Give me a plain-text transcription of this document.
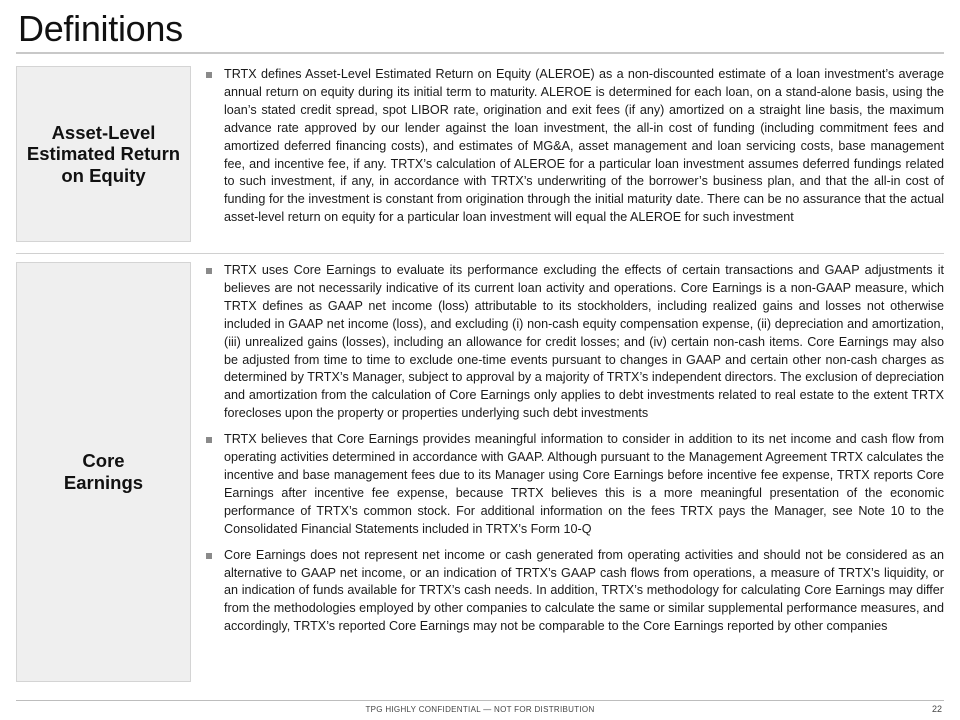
Definitions
Asset-Level
Estimated Return
on Equity
TRTX defines Asset-Level Estimated Return on Equity (ALEROE) as a non-discounted estimate of a loan investment’s average annual return on equity during its initial term to maturity. ALEROE is determined for each loan, on a stand-alone basis, using the loan’s stated credit spread, spot LIBOR rate, origination and exit fees (if any) amortized on a straight line basis, the maximum advance rate approved by our lender against the loan investment, the all-in cost of funding (including commitment fees and amortized deferred financing costs), and estimates of MG&A, asset management and loan servicing costs, base management fee, and incentive fee, if any. TRTX’s calculation of ALEROE for a particular loan investment assumes deferred fundings related to such investment, if any, in accordance with TRTX’s underwriting of the borrower’s business plan, and that the all-in cost of funding for the investment is constant from origination through the initial maturity date. There can be no assurance that the actual asset-level return on equity for a particular loan investment will equal the ALEROE for such investment
Core
Earnings
TRTX uses Core Earnings to evaluate its performance excluding the effects of certain transactions and GAAP adjustments it believes are not necessarily indicative of its current loan activity and operations. Core Earnings is a non-GAAP measure, which TRTX defines as GAAP net income (loss) attributable to its stockholders, including realized gains and losses not otherwise included in GAAP net income (loss), and excluding (i) non-cash equity compensation expense, (ii) depreciation and amortization, (iii) unrealized gains (losses), including an allowance for credit losses; and (iv) certain non-cash items. Core Earnings may also be adjusted from time to time to exclude one-time events pursuant to changes in GAAP and certain other non-cash charges as determined by TRTX’s Manager, subject to approval by a majority of TRTX’s independent directors. The exclusion of depreciation and amortization from the calculation of Core Earnings only applies to debt investments related to real estate to the extent TRTX forecloses upon the property or properties underlying such debt investments
TRTX believes that Core Earnings provides meaningful information to consider in addition to its net income and cash flow from operating activities determined in accordance with GAAP. Although pursuant to the Management Agreement TRTX calculates the incentive and base management fees due to its Manager using Core Earnings before incentive fee expense, TRTX reports Core Earnings after incentive fee expense, because TRTX believes this is a more meaningful presentation of the economic performance of TRTX’s common stock. For additional information on the fees TRTX pays the Manager, see Note 10 to the Consolidated Financial Statements included in TRTX’s Form 10-Q
Core Earnings does not represent net income or cash generated from operating activities and should not be considered as an alternative to GAAP net income, or an indication of TRTX’s GAAP cash flows from operations, a measure of TRTX’s liquidity, or an indication of funds available for TRTX’s cash needs. In addition, TRTX’s methodology for calculating Core Earnings may differ from the methodologies employed by other companies to calculate the same or similar supplemental performance measures, and accordingly, TRTX’s reported Core Earnings may not be comparable to the Core Earnings reported by other companies
TPG HIGHLY CONFIDENTIAL — NOT FOR DISTRIBUTION	22
